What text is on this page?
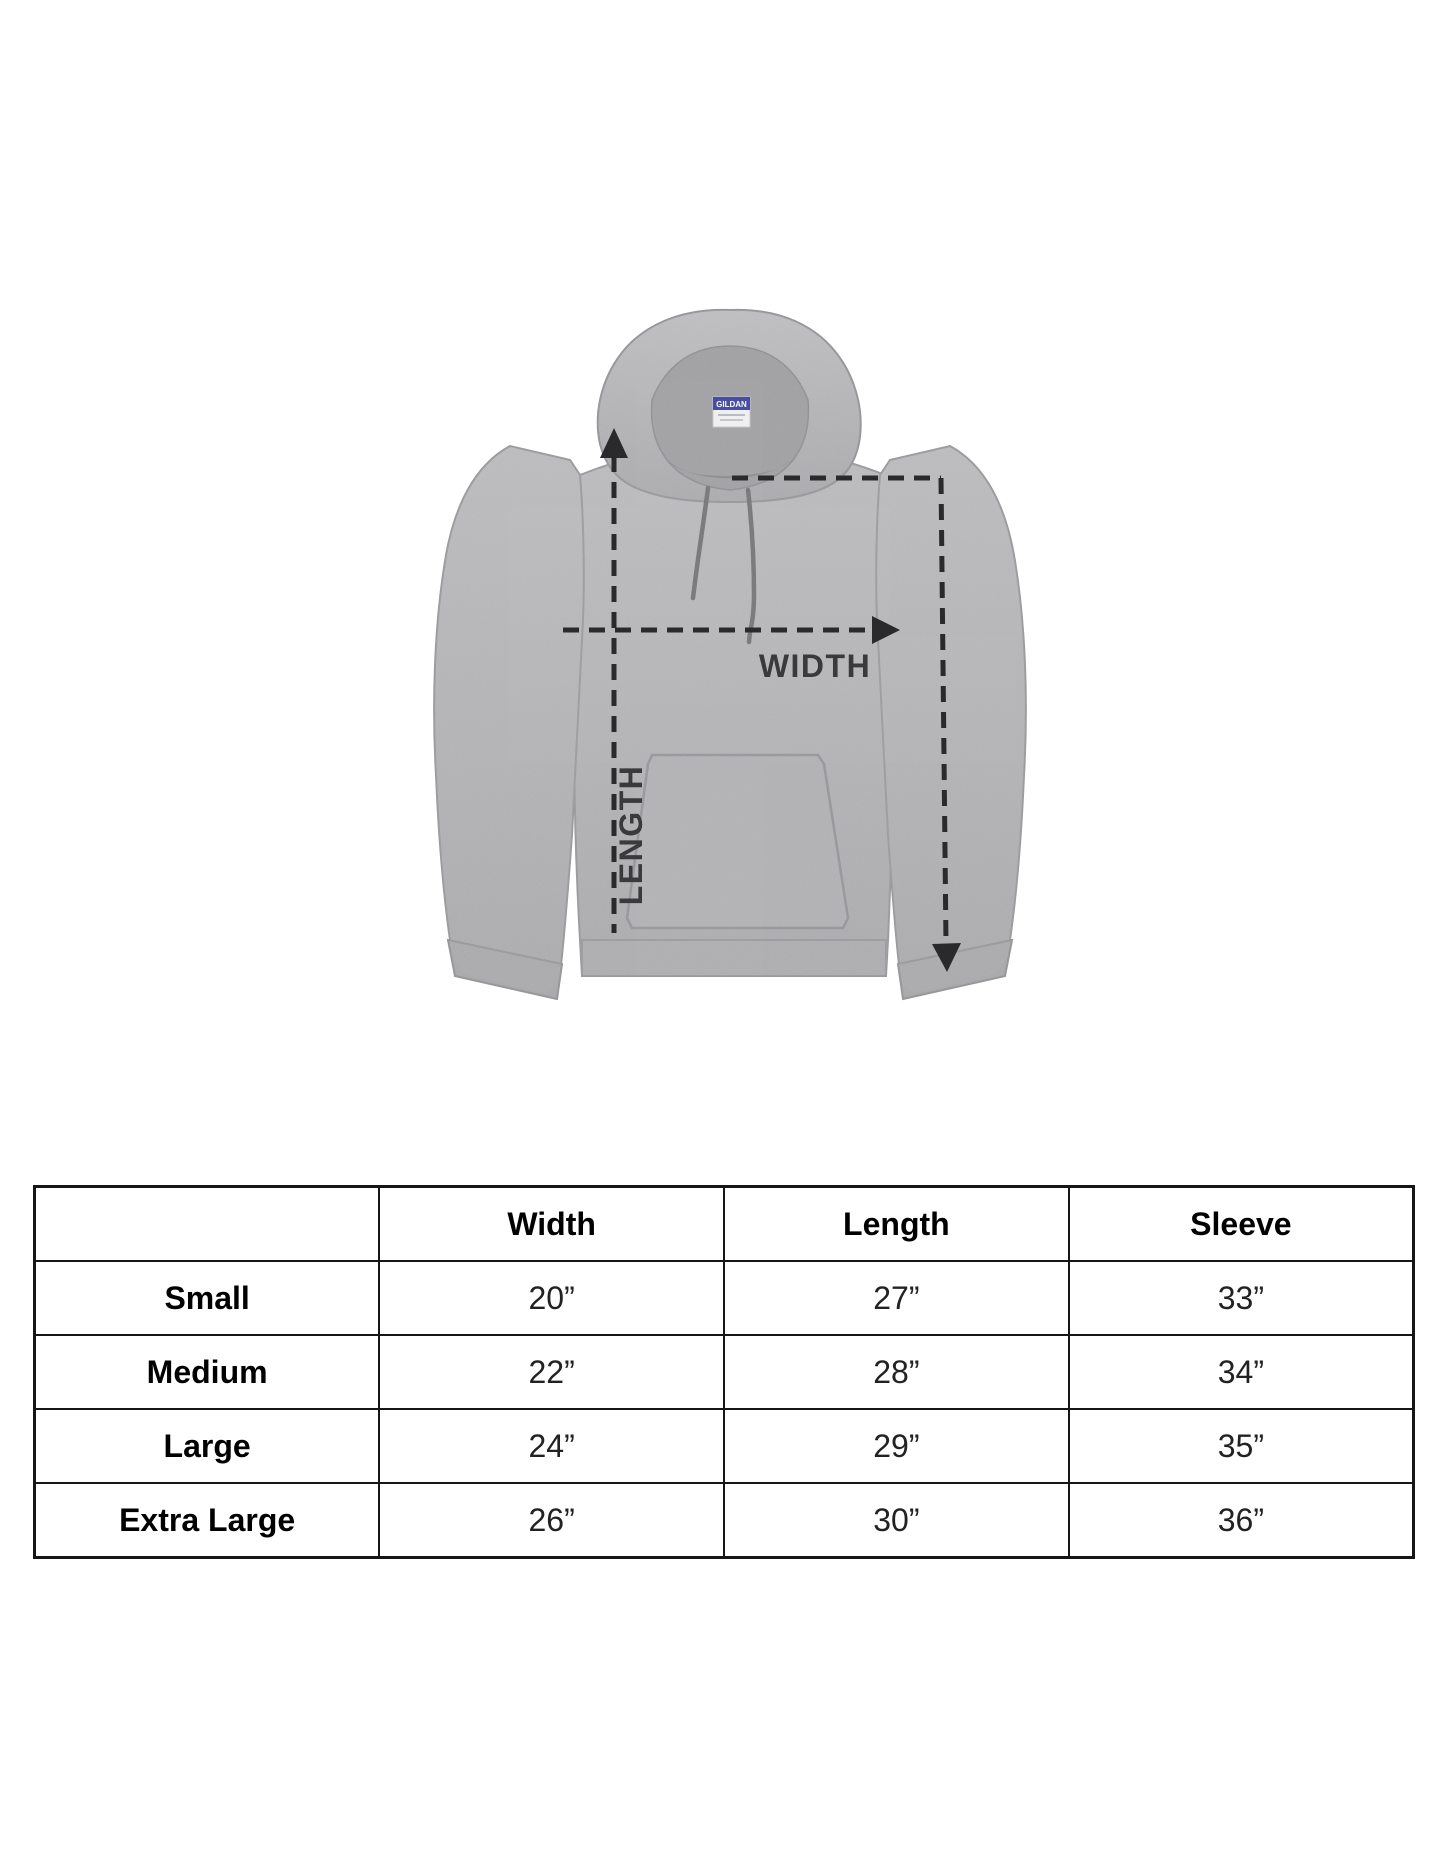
GILDAN
WIDTH
LENGTH
	Width	Length	Sleeve
Small	20”	27”	33”
Medium	22”	28”	34”
Large	24”	29”	35”
Extra Large	26”	30”	36”
